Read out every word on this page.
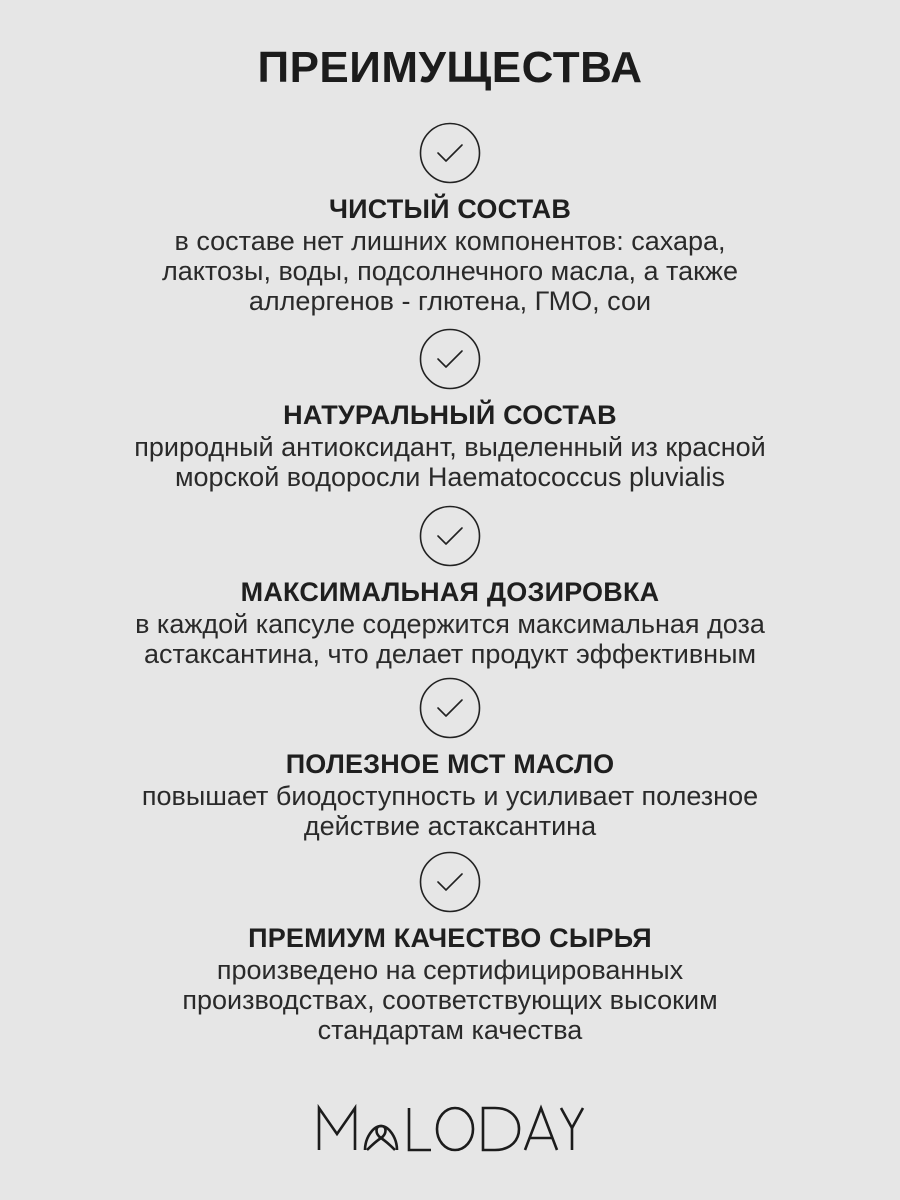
ПРЕИМУЩЕСТВА
ЧИСТЫЙ СОСТАВ
в составе нет лишних компонентов: сахара,
лактозы, воды, подсолнечного масла, а также
аллергенов - глютена, ГМО, сои
НАТУРАЛЬНЫЙ СОСТАВ
природный антиоксидант, выделенный из красной
морской водоросли Haematococcus pluvialis
МАКСИМАЛЬНАЯ ДОЗИРОВКА
в каждой капсуле содержится максимальная доза
астаксантина, что делает продукт эффективным
ПОЛЕЗНОЕ МСТ МАСЛО
повышает биодоступность и усиливает полезное
действие астаксантина
ПРЕМИУМ КАЧЕСТВО СЫРЬЯ
произведено на сертифицированных
производствах, соответствующих высоким
стандартам качества
